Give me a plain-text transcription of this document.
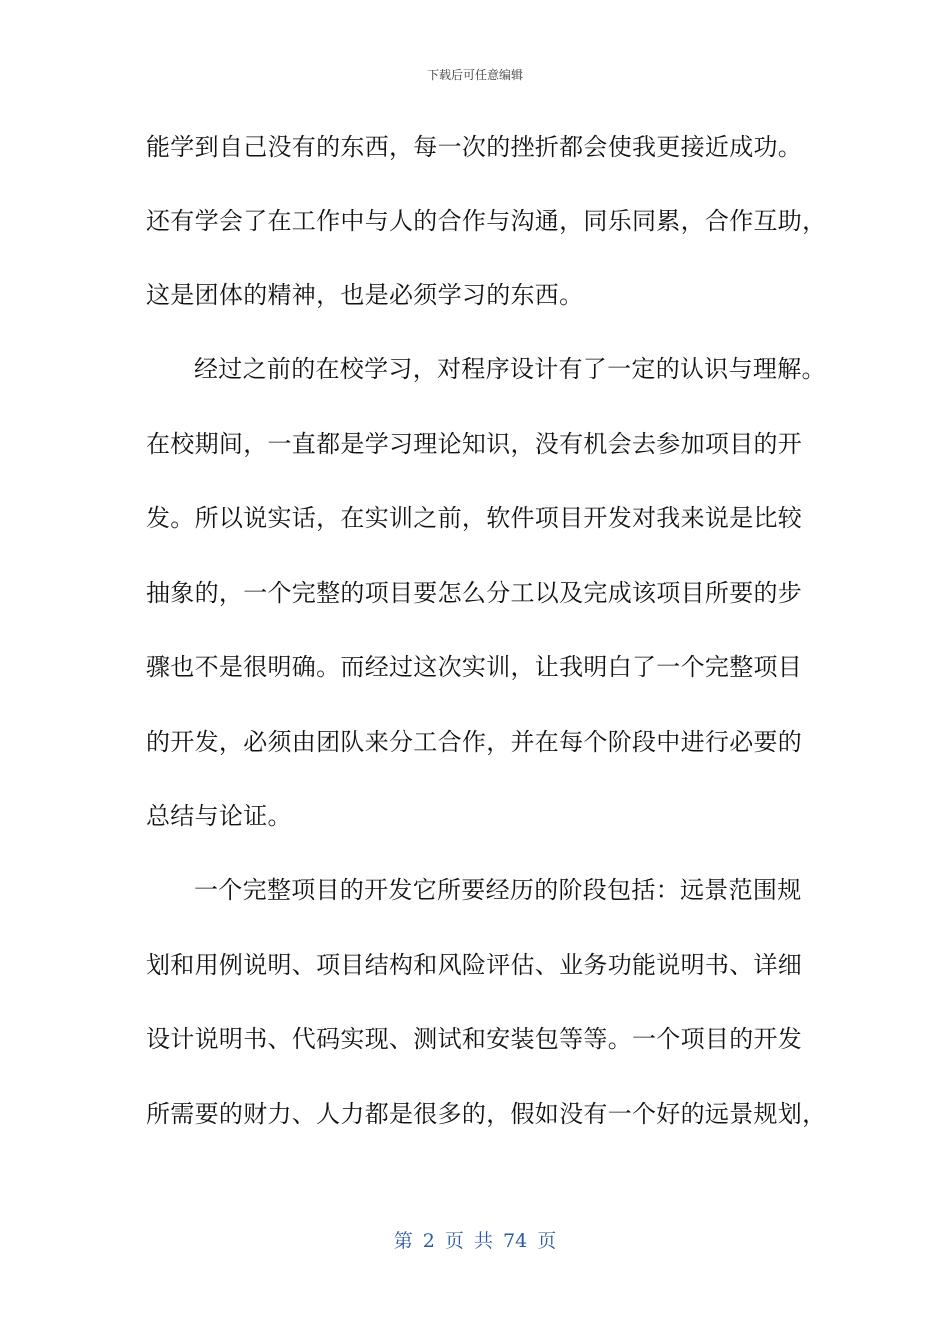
下载后可任意编辑
能学到自己没有的东西，每一次的挫折都会使我更接近成功。
还有学会了在工作中与人的合作与沟通，同乐同累，合作互助，
这是团体的精神，也是必须学习的东西。
经过之前的在校学习，对程序设计有了一定的认识与理解。
在校期间，一直都是学习理论知识，没有机会去参加项目的开
发。所以说实话，在实训之前，软件项目开发对我来说是比较
抽象的，一个完整的项目要怎么分工以及完成该项目所要的步
骤也不是很明确。而经过这次实训，让我明白了一个完整项目
的开发，必须由团队来分工合作，并在每个阶段中进行必要的
总结与论证。
一个完整项目的开发它所要经历的阶段包括：远景范围规
划和用例说明、项目结构和风险评估、业务功能说明书、详细
设计说明书、代码实现、测试和安装包等等。一个项目的开发
所需要的财力、人力都是很多的，假如没有一个好的远景规划，
第 2 页 共 74 页
